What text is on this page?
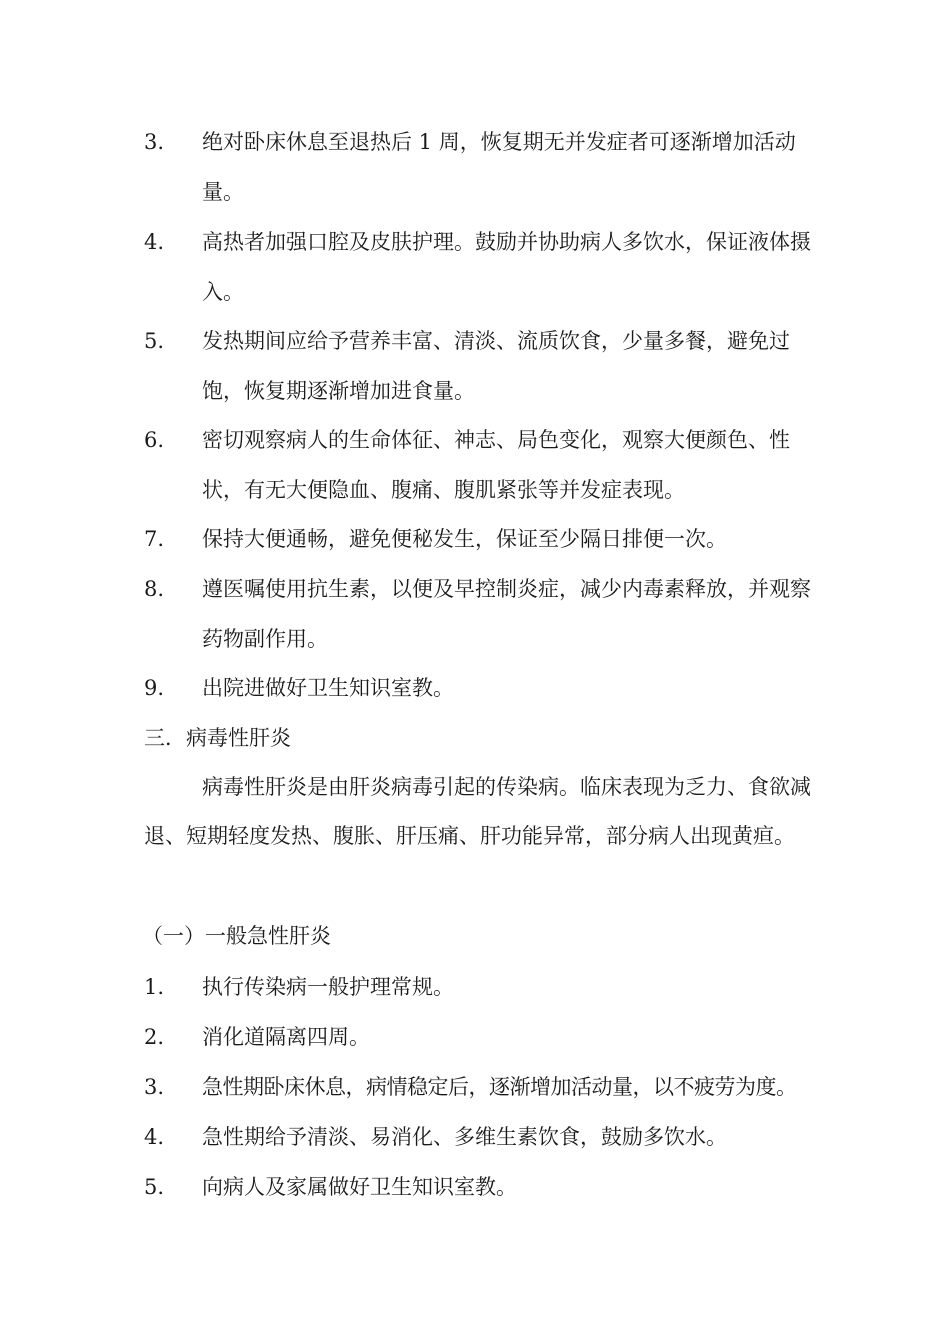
3.	绝对卧床休息至退热后 1 周，恢复期无并发症者可逐渐增加活动量。
4.	高热者加强口腔及皮肤护理。鼓励并协助病人多饮水，保证液体摄入。
5.	发热期间应给予营养丰富、清淡、流质饮食，少量多餐，避免过饱，恢复期逐渐增加进食量。
6.	密切观察病人的生命体征、神志、局色变化，观察大便颜色、性状，有无大便隐血、腹痛、腹肌紧张等并发症表现。
7.	保持大便通畅，避免便秘发生，保证至少隔日排便一次。
8.	遵医嘱使用抗生素，以便及早控制炎症，减少内毒素释放，并观察药物副作用。
9.	出院进做好卫生知识室教。
三．病毒性肝炎
病毒性肝炎是由肝炎病毒引起的传染病。临床表现为乏力、食欲减退、短期轻度发热、腹胀、肝压痛、肝功能异常，部分病人出现黄疸。
（一）一般急性肝炎
1.	执行传染病一般护理常规。
2.	消化道隔离四周。
3.	急性期卧床休息，病情稳定后，逐渐增加活动量，以不疲劳为度。
4.	急性期给予清淡、易消化、多维生素饮食，鼓励多饮水。
5.	向病人及家属做好卫生知识室教。
